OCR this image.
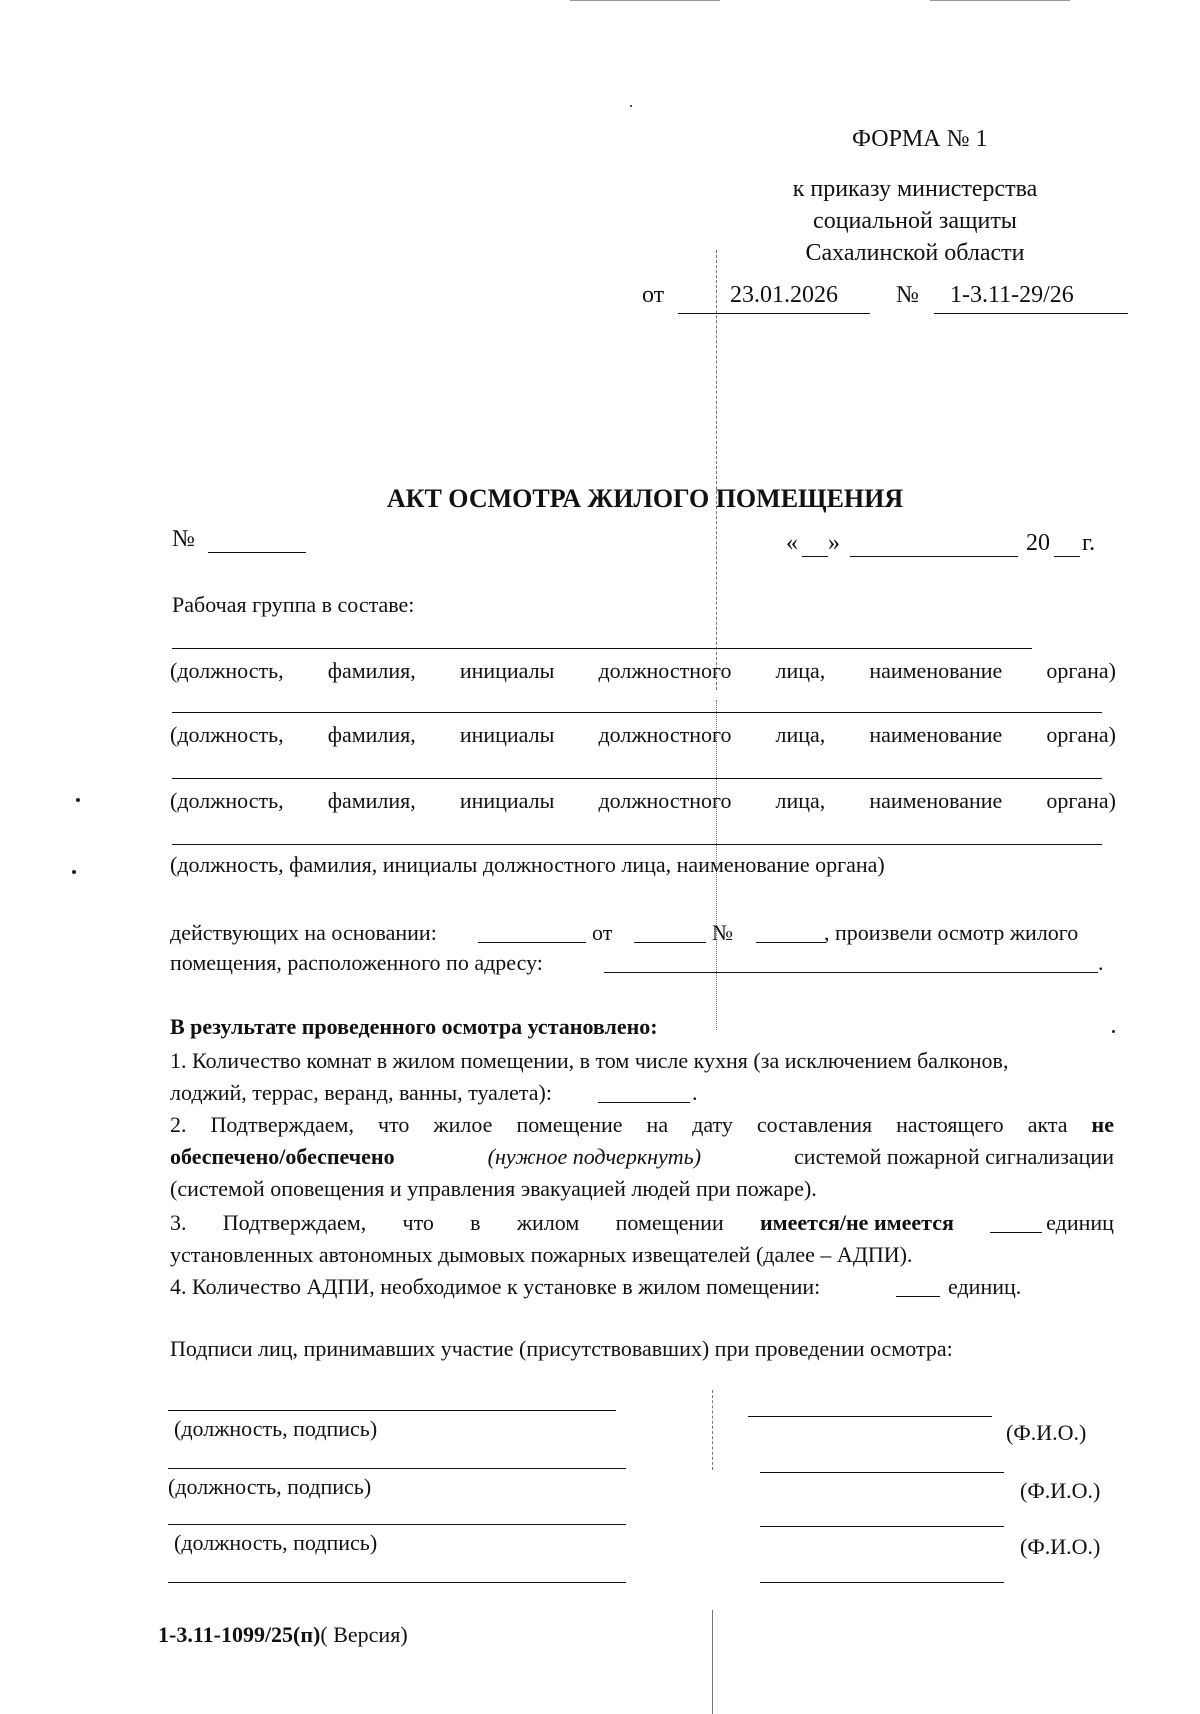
ФОРМА № 1
к приказу министерства
социальной защиты
Сахалинской области
от	23.01.2026 № 1-3.11-29/26
АКТ ОСМОТРА ЖИЛОГО ПОМЕЩЕНИЯ
№	« »	20 г.
Рабочая группа в составе:
(должность, фамилия, инициалы должностного лица, наименование органа)
(должность, фамилия, инициалы должностного лица, наименование органа)
(должность, фамилия, инициалы должностного лица, наименование органа)
(должность, фамилия, инициалы должностного лица, наименование органа)
действующих на основании:	от	№	, произвели осмотр жилого
помещения, расположенного по адресу:	.
В результате проведенного осмотра установлено:
1. Количество комнат в жилом помещении, в том числе кухня (за исключением балконов,
лоджий, террас, веранд, ванны, туалета):	.
2. Подтверждаем, что жилое помещение на дату составления настоящего акта не
обеспечено/обеспечено	(нужное подчеркнуть)	системой пожарной сигнализации
(системой оповещения и управления эвакуацией людей при пожаре).
3. Подтверждаем, что в жилом помещении имеется/не имеется	единиц
установленных автономных дымовых пожарных извещателей (далее – АДПИ).
4. Количество АДПИ, необходимое к установке в жилом помещении:	единиц.
Подписи лиц, принимавших участие (присутствовавших) при проведении осмотра:
(должность, подпись)	(Ф.И.О.)
(должность, подпись)	(Ф.И.О.)
(должность, подпись)	(Ф.И.О.)
1-3.11-1099/25(п)( Версия)
